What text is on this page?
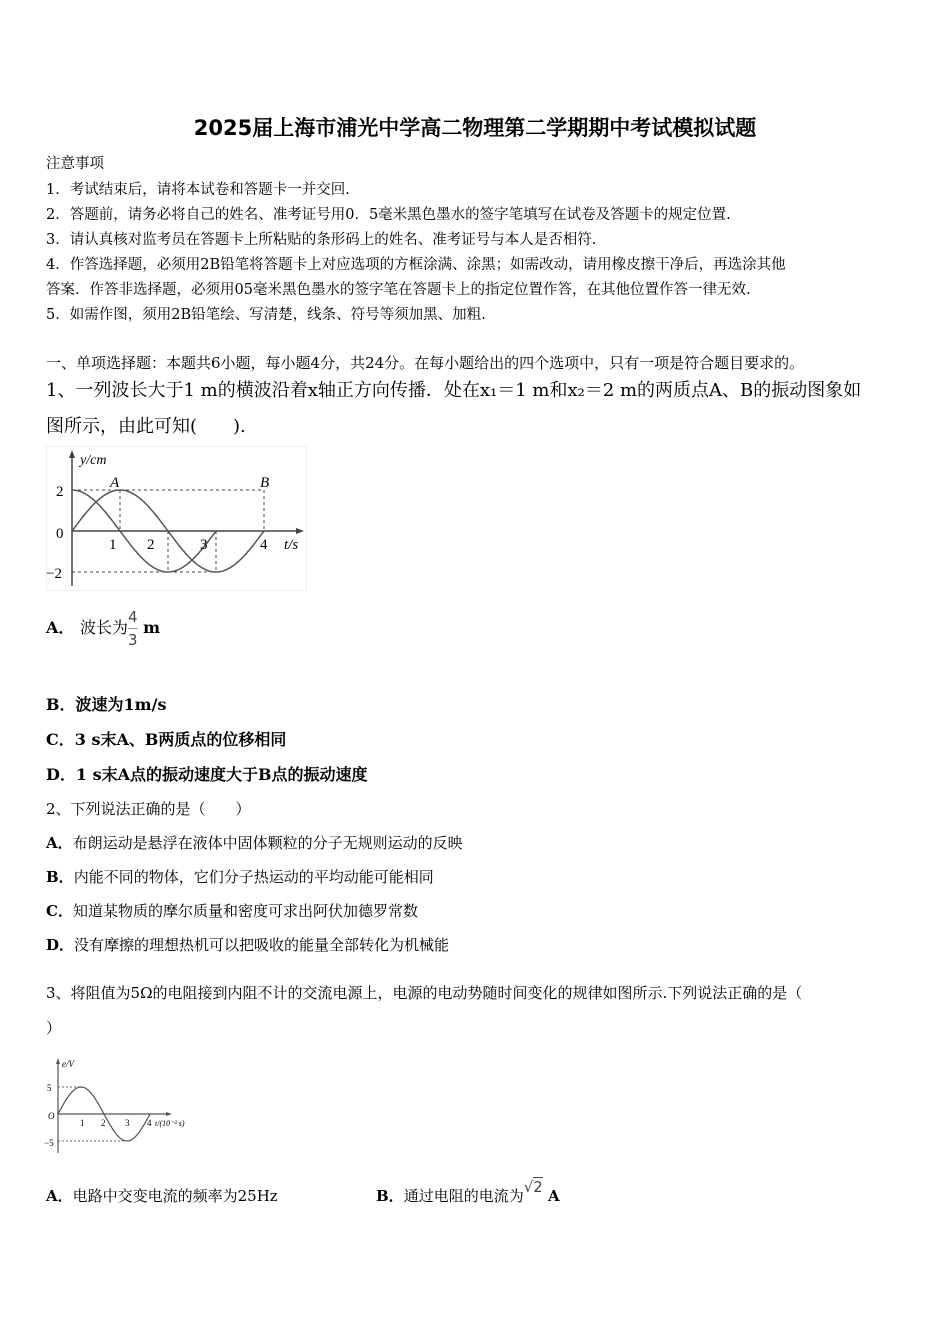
2025届上海市浦光中学高二物理第二学期期中考试模拟试题
注意事项
1．考试结束后，请将本试卷和答题卡一并交回.
2．答题前，请务必将自己的姓名、准考证号用0．5毫米黑色墨水的签字笔填写在试卷及答题卡的规定位置.
3．请认真核对监考员在答题卡上所粘贴的条形码上的姓名、准考证号与本人是否相符.
4．作答选择题，必须用2B铅笔将答题卡上对应选项的方框涂满、涂黑；如需改动，请用橡皮擦干净后，再选涂其他
答案．作答非选择题，必须用05毫米黑色墨水的签字笔在答题卡上的指定位置作答，在其他位置作答一律无效.
5．如需作图，须用2B铅笔绘、写清楚，线条、符号等须加黑、加粗.
一、单项选择题：本题共6小题，每小题4分，共24分。在每小题给出的四个选项中，只有一项是符合题目要求的。
1、一列波长大于1 m的横波沿着x轴正方向传播．处在x₁＝1 m和x₂＝2 m的两质点A、B的振动图象如
图所示，由此可知(　　).
y/cm
2
0
−2
1 2	3	4 t/s
A	B
A． 波长为 $\frac{4}{3}$ m
B．波速为1m/s
C．3 s末A、B两质点的位移相同
D．1 s末A点的振动速度大于B点的振动速度
2、下列说法正确的是（　　）
A．布朗运动是悬浮在液体中固体颗粒的分子无规则运动的反映
B．内能不同的物体，它们分子热运动的平均动能可能相同
C．知道某物质的摩尔质量和密度可求出阿伏加德罗常数
D．没有摩擦的理想热机可以把吸收的能量全部转化为机械能
3、将阻值为5Ω的电阻接到内阻不计的交流电源上，电源的电动势随时间变化的规律如图所示.下列说法正确的是（
）
e/V
5
O
−5
1 2 3 4 t/(10⁻² s)
A．电路中交变电流的频率为25Hz	B．通过电阻的电流为√2 A
